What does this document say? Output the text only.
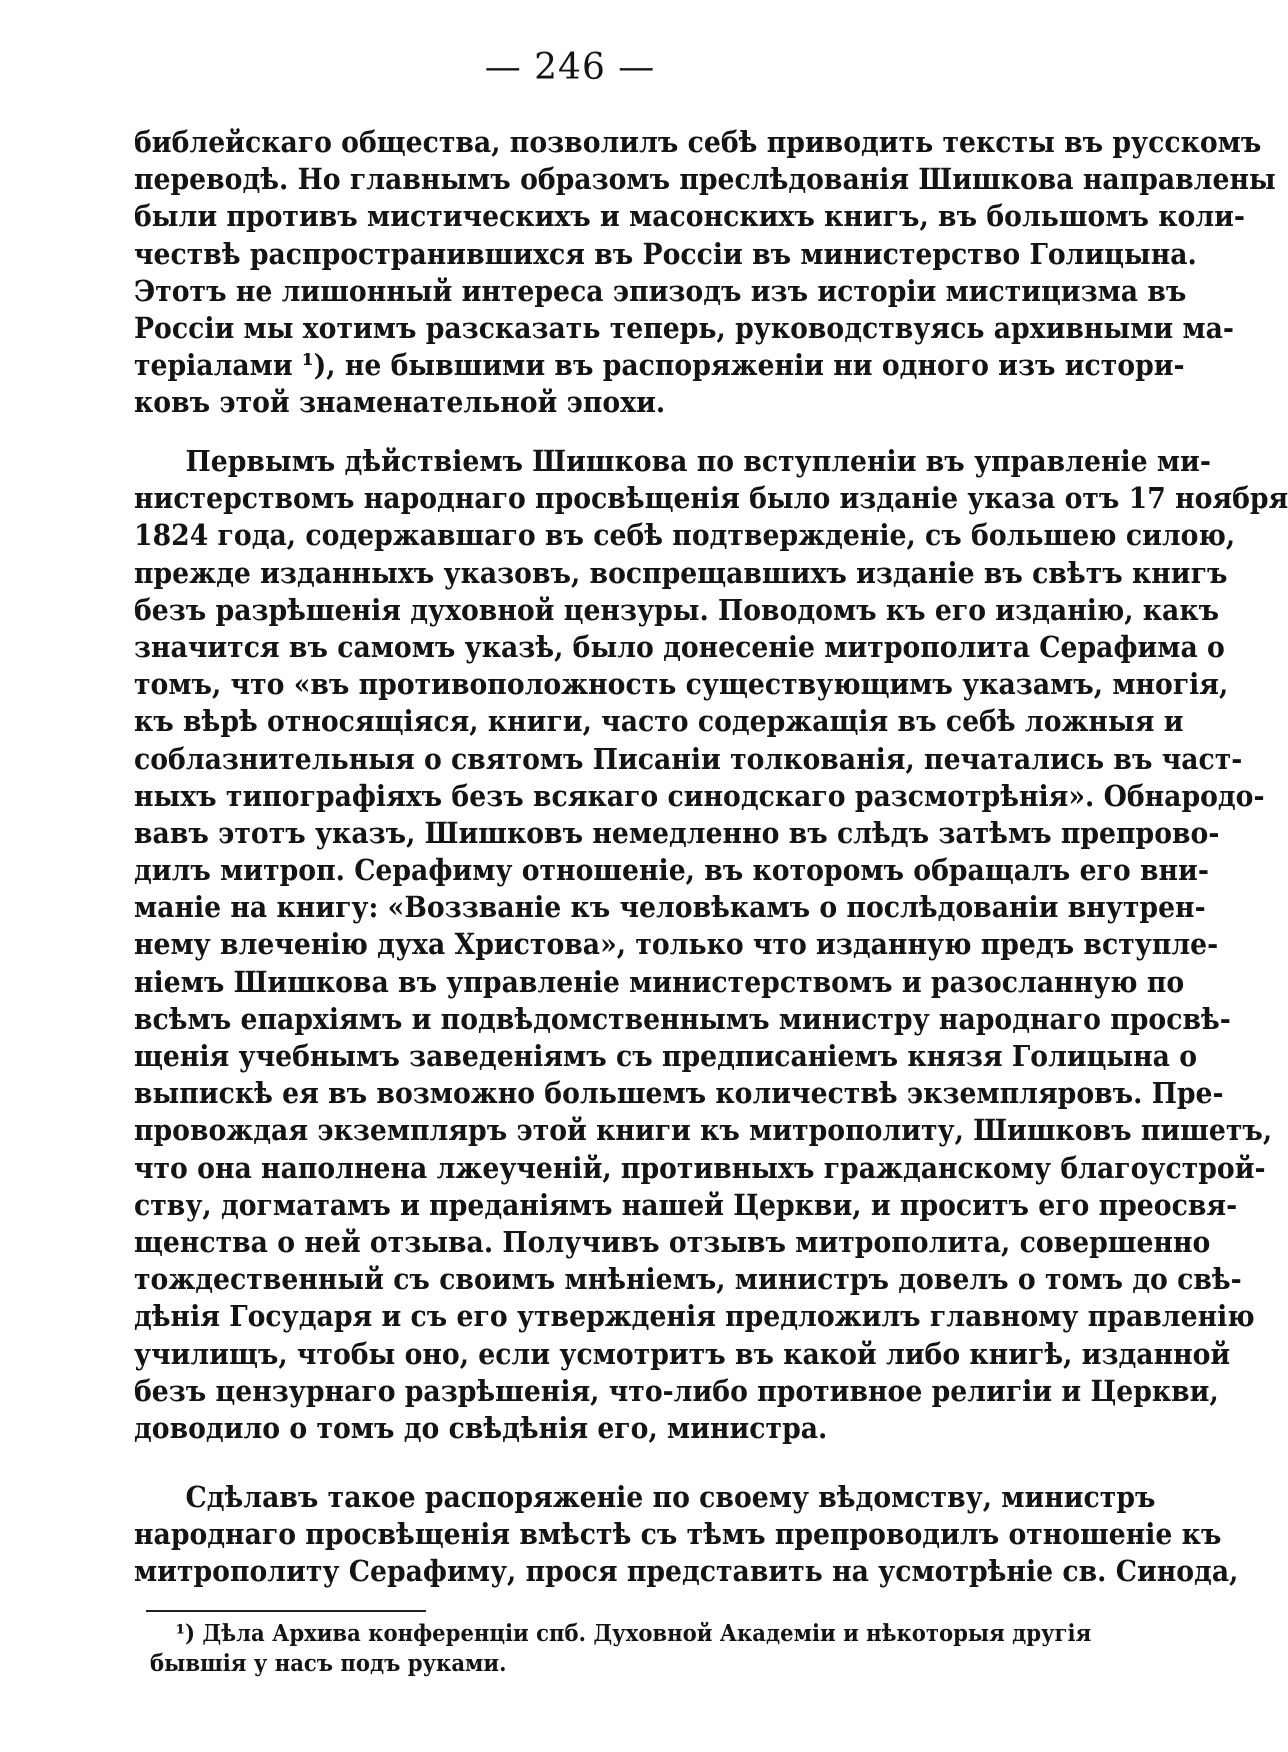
— 246 —
библейскаго общества, позволилъ себѣ приводить тексты въ русскомъ
переводѣ. Но главнымъ образомъ преслѣдованія Шишкова направлены
были противъ мистическихъ и масонскихъ книгъ, въ большомъ коли-
чествѣ распространившихся въ Россіи въ министерство Голицына.
Этотъ не лишонный интереса эпизодъ изъ исторіи мистицизма въ
Россіи мы хотимъ разсказать теперь, руководствуясь архивными ма-
теріалами ¹), не бывшими въ распоряженіи ни одного изъ истори-
ковъ этой знаменательной эпохи.
Первымъ дѣйствіемъ Шишкова по вступленіи въ управленіе ми-
нистерствомъ народнаго просвѣщенія было изданіе указа отъ 17 ноября
1824 года, содержавшаго въ себѣ подтвержденіе, съ большею силою,
прежде изданныхъ указовъ, воспрещавшихъ изданіе въ свѣтъ книгъ
безъ разрѣшенія духовной цензуры. Поводомъ къ его изданію, какъ
значится въ самомъ указѣ, было донесеніе митрополита Серафима о
томъ, что «въ противоположность существующимъ указамъ, многія,
къ вѣрѣ относящіяся, книги, часто содержащія въ себѣ ложныя и
соблазнительныя о святомъ Писаніи толкованія, печатались въ част-
ныхъ типографіяхъ безъ всякаго синодскаго разсмотрѣнія». Обнародо-
вавъ этотъ указъ, Шишковъ немедленно въ слѣдъ затѣмъ препрово-
дилъ митроп. Серафиму отношеніе, въ которомъ обращалъ его вни-
маніе на книгу: «Воззваніе къ человѣкамъ о послѣдованіи внутрен-
нему влеченію духа Христова», только что изданную предъ вступле-
ніемъ Шишкова въ управленіе министерствомъ и разосланную по
всѣмъ епархіямъ и подвѣдомственнымъ министру народнаго просвѣ-
щенія учебнымъ заведеніямъ съ предписаніемъ князя Голицына о
выпискѣ ея въ возможно большемъ количествѣ экземпляровъ. Пре-
провождая экземпляръ этой книги къ митрополиту, Шишковъ пишетъ,
что она наполнена лжеученій, противныхъ гражданскому благоустрой-
ству, догматамъ и преданіямъ нашей Церкви, и проситъ его преосвя-
щенства о ней отзыва. Получивъ отзывъ митрополита, совершенно
тождественный съ своимъ мнѣніемъ, министръ довелъ о томъ до свѣ-
дѣнія Государя и съ его утвержденія предложилъ главному правленію
училищъ, чтобы оно, если усмотритъ въ какой либо книгѣ, изданной
безъ цензурнаго разрѣшенія, что-либо противное религіи и Церкви,
доводило о томъ до свѣдѣнія его, министра.
Сдѣлавъ такое распоряженіе по своему вѣдомству, министръ
народнаго просвѣщенія вмѣстѣ съ тѣмъ препроводилъ отношеніе къ
митрополиту Серафиму, прося представить на усмотрѣніе св. Синода,
¹) Дѣла Архива конференціи спб. Духовной Академіи и нѣкоторыя другія
бывшія у насъ подъ руками.
